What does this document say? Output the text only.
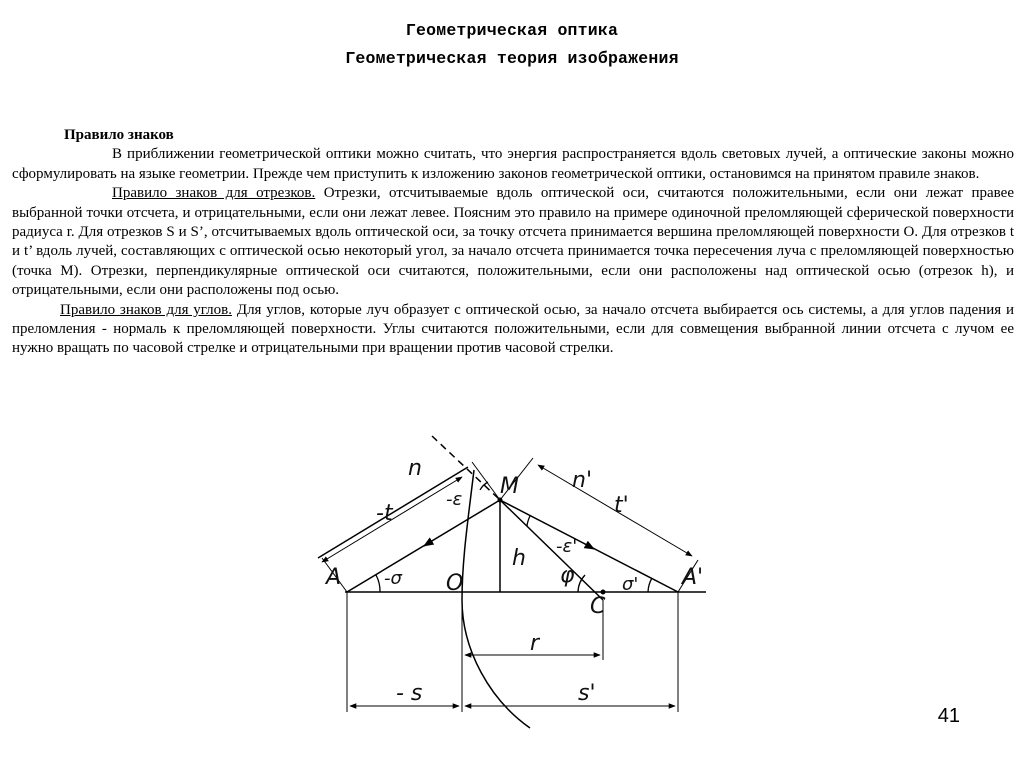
Геометрическая оптика
Геометрическая теория изображения
Правило знаков
В приближении геометрической оптики можно считать, что энергия распространяется вдоль световых лучей, а оптические законы можно сформулировать на языке геометрии. Прежде чем приступить к изложению законов геометрической оптики, остановимся на принятом правиле знаков.
Правило знаков для отрезков. Отрезки, отсчитываемые вдоль оптической оси, считаются положительными, если они лежат правее выбранной точки отсчета, и отрицательными, если они лежат левее. Поясним это правило на примере одиночной преломляющей сферической поверхности радиуса r. Для отрезков S и S’, отсчитываемых вдоль оптической оси, за точку отсчета принимается вершина преломляющей поверхности O. Для отрезков t и t’ вдоль лучей, составляющих с оптической осью некоторый угол, за начало отсчета принимается точка пересечения луча с преломляющей поверхностью (точка M). Отрезки, перпендикулярные оптической оси считаются, положительными, если они расположены над оптической осью (отрезок h), и отрицательными, если они расположены под осью.
Правило знаков для углов. Для углов, которые луч образует с оптической осью, за начало отсчета выбирается ось системы, а для углов падения и преломления - нормаль к преломляющей поверхности. Углы считаются положительными, если для совмещения выбранной линии отсчета с лучом ее нужно вращать по часовой стрелке и отрицательными при вращении против часовой стрелки.
A	A'
M
O
C
n	n'
-t	t'
-ε
-ε'
h
φ
-σ	σ'
r
- s	s'
41
